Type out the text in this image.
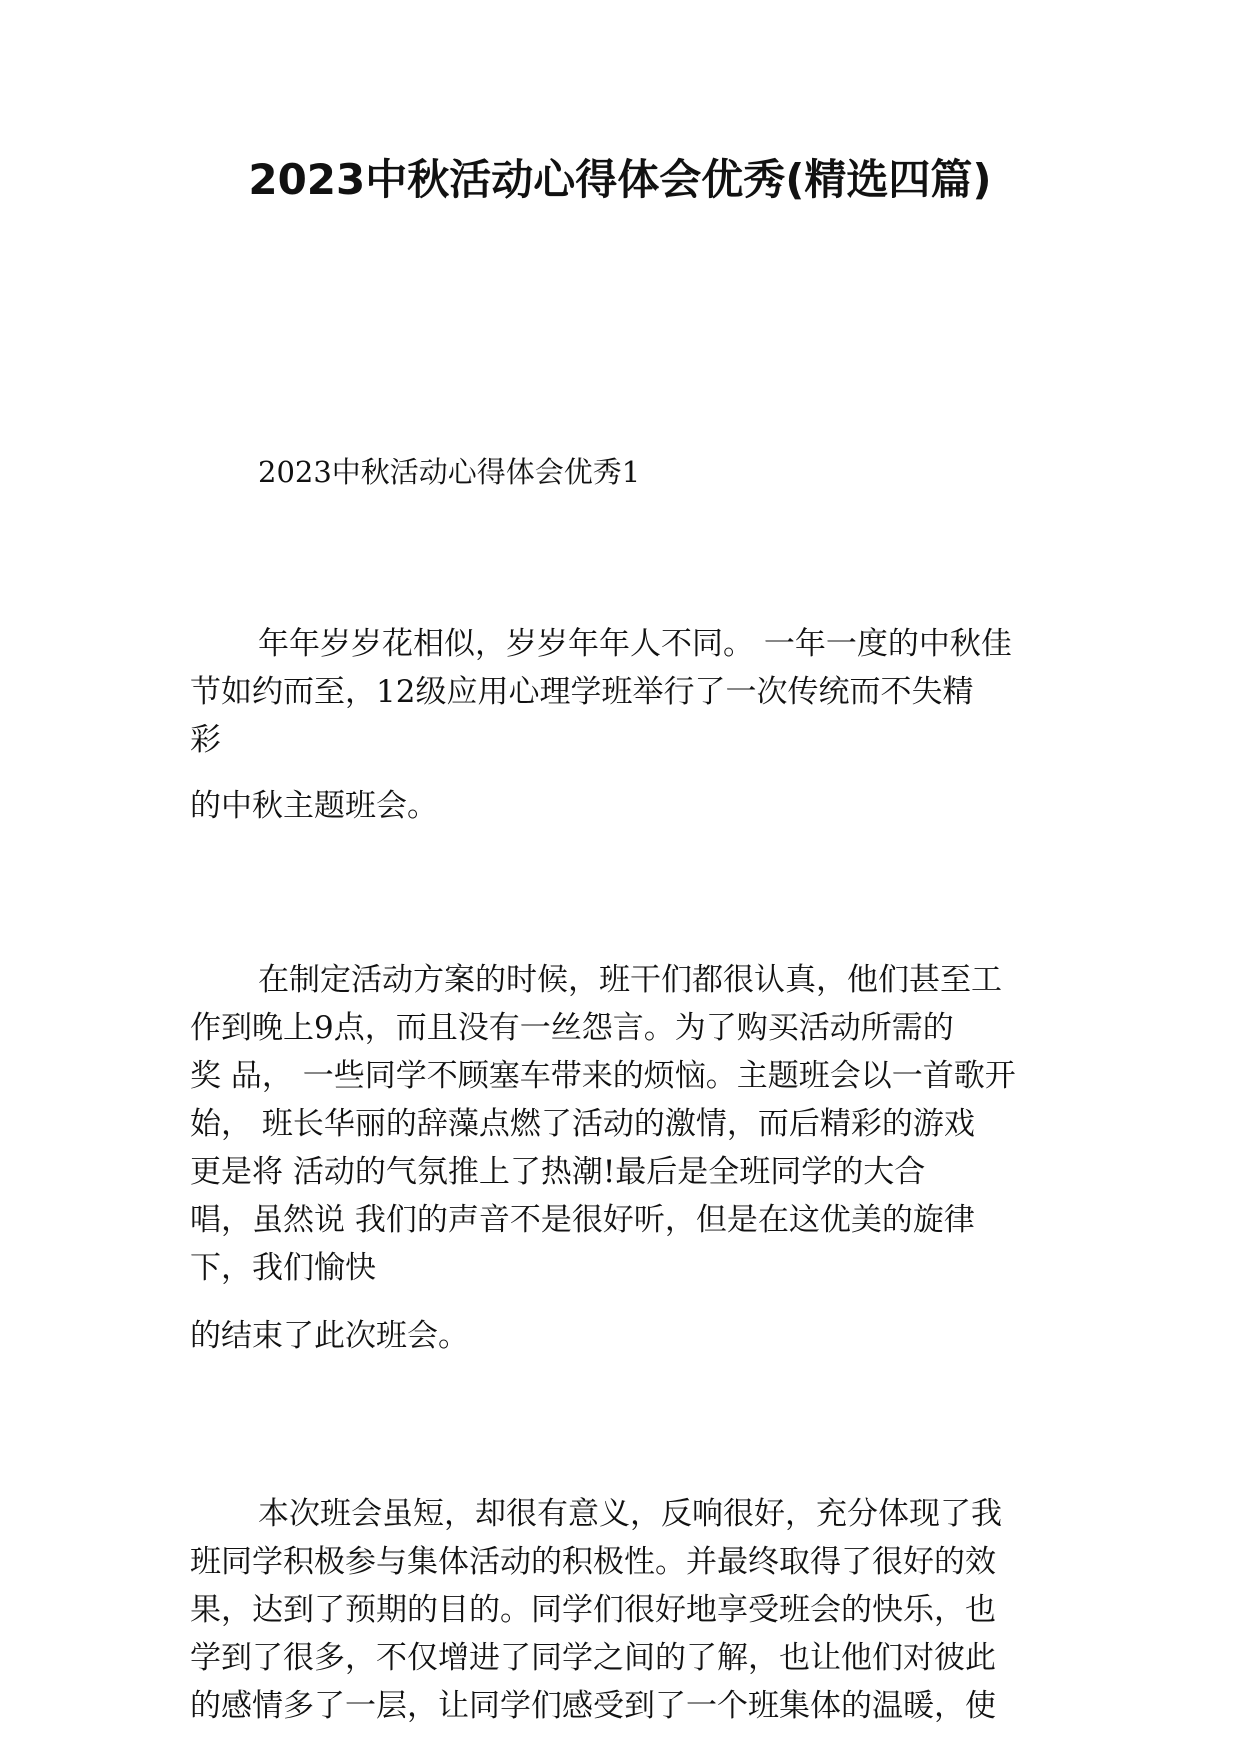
2023中秋活动心得体会优秀(精选四篇)
2023中秋活动心得体会优秀1
年年岁岁花相似，岁岁年年人不同。 一年一度的中秋佳
节如约而至，12级应用心理学班举行了一次传统而不失精
彩
的中秋主题班会。
在制定活动方案的时候，班干们都很认真，他们甚至工
作到晚上9点，而且没有一丝怨言。为了购买活动所需的
奖 品， 一些同学不顾塞车带来的烦恼。主题班会以一首歌开
始， 班长华丽的辞藻点燃了活动的激情，而后精彩的游戏
更是将 活动的气氛推上了热潮!最后是全班同学的大合
唱，虽然说 我们的声音不是很好听，但是在这优美的旋律
下，我们愉快
的结束了此次班会。
本次班会虽短，却很有意义，反响很好，充分体现了我
班同学积极参与集体活动的积极性。并最终取得了很好的效
果，达到了预期的目的。同学们很好地享受班会的快乐，也
学到了很多，不仅增进了同学之间的了解，也让他们对彼此
的感情多了一层，让同学们感受到了一个班集体的温暖，使
